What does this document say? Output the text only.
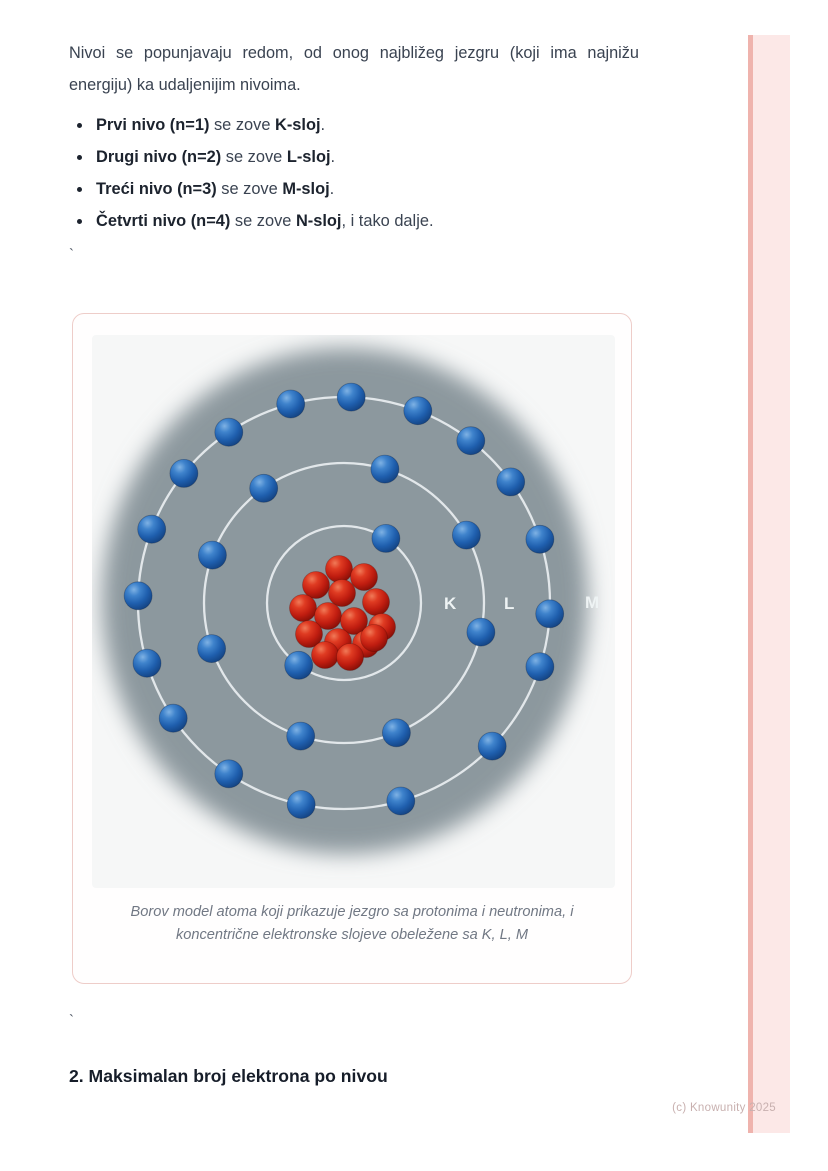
Nivoi se popunjavaju redom, od onog najbližeg jezgru (koji ima najnižu energiju) ka udaljenijim nivoima.

Prvi nivo (n=1) se zove K-sloj.
Drugi nivo (n=2) se zove L-sloj.
Treći nivo (n=3) se zove M-sloj.
Četvrti nivo (n=4) se zove N-sloj, i tako dalje.
`
K	L	M
Borov model atoma koji prikazuje jezgro sa protonima i neutronima, i
koncentrične elektronske slojeve obeležene sa K, L, M
`
2. Maksimalan broj elektrona po nivou
(c) Knowunity 2025
